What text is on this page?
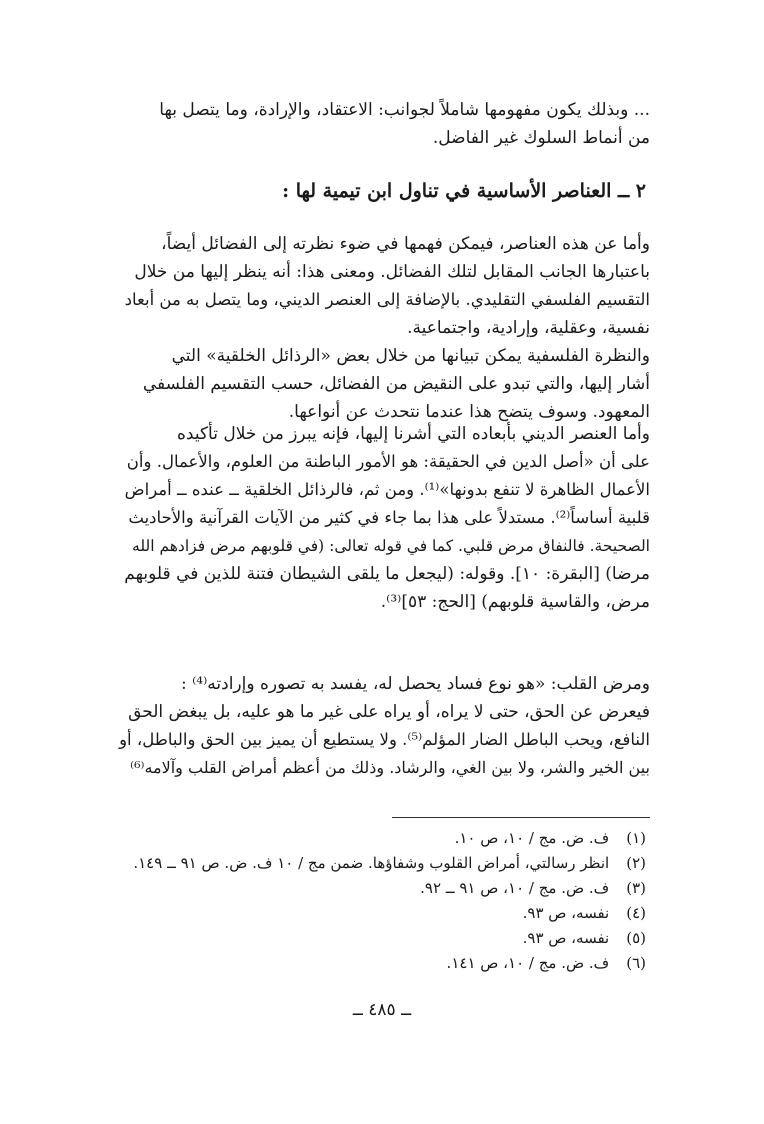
... وبذلك يكون مفهومها شاملاً لجوانب: الاعتقاد، والإرادة، وما يتصل بها
من أنماط السلوك غير الفاضل.
٢ ــ العناصر الأساسية في تناول ابن تيمية لها :
وأما عن هذه العناصر، فيمكن فهمها في ضوء نظرته إلى الفضائل أيضاً،
باعتبارها الجانب المقابل لتلك الفضائل. ومعنى هذا: أنه ينظر إليها من خلال
التقسيم الفلسفي التقليدي. بالإضافة إلى العنصر الديني، وما يتصل به من أبعاد
نفسية، وعقلية، وإرادية، واجتماعية.
والنظرة الفلسفية يمكن تبيانها من خلال بعض «الرذائل الخلقية» التي
أشار إليها، والتي تبدو على النقيض من الفضائل، حسب التقسيم الفلسفي
المعهود. وسوف يتضح هذا عندما نتحدث عن أنواعها.
وأما العنصر الديني بأبعاده التي أشرنا إليها، فإنه يبرز من خلال تأكيده
على أن «أصل الدين في الحقيقة: هو الأمور الباطنة من العلوم، والأعمال. وأن
الأعمال الظاهرة لا تنفع بدونها»⁽¹⁾. ومن ثم، فالرذائل الخلقية ــ عنده ــ أمراض
قلبية أساساً⁽²⁾. مستدلاً على هذا بما جاء في كثير من الآيات القرآنية والأحاديث
الصحيحة. فالنفاق مرض قلبي. كما في قوله تعالى: (في قلوبهم مرض فزادهم الله
مرضا) [البقرة: ١٠]. وقوله: (ليجعل ما يلقى الشيطان فتنة للذين في قلوبهم
مرض، والقاسية قلوبهم) [الحج: ٥٣]⁽³⁾.
ومرض القلب: «هو نوع فساد يحصل له، يفسد به تصوره وإرادته⁽⁴⁾ :
فيعرض عن الحق، حتى لا يراه، أو يراه على غير ما هو عليه، بل يبغض الحق
النافع، ويحب الباطل الضار المؤلم⁽⁵⁾. ولا يستطيع أن يميز بين الحق والباطل، أو
بين الخير والشر، ولا بين الغي، والرشاد. وذلك من أعظم أمراض القلب وآلامه⁽⁶⁾
(١) ف. ض. مج / ١٠، ص ١٠.
(٢) انظر رسالتي، أمراض القلوب وشفاؤها. ضمن مج / ١٠ ف. ض. ص ٩١ ــ ١٤٩.
(٣) ف. ض. مج / ١٠، ص ٩١ ــ ٩٢.
(٤) نفسه، ص ٩٣.
(٥) نفسه، ص ٩٣.
(٦) ف. ض. مج / ١٠، ص ١٤١.
ــ ٤٨٥ ــ
